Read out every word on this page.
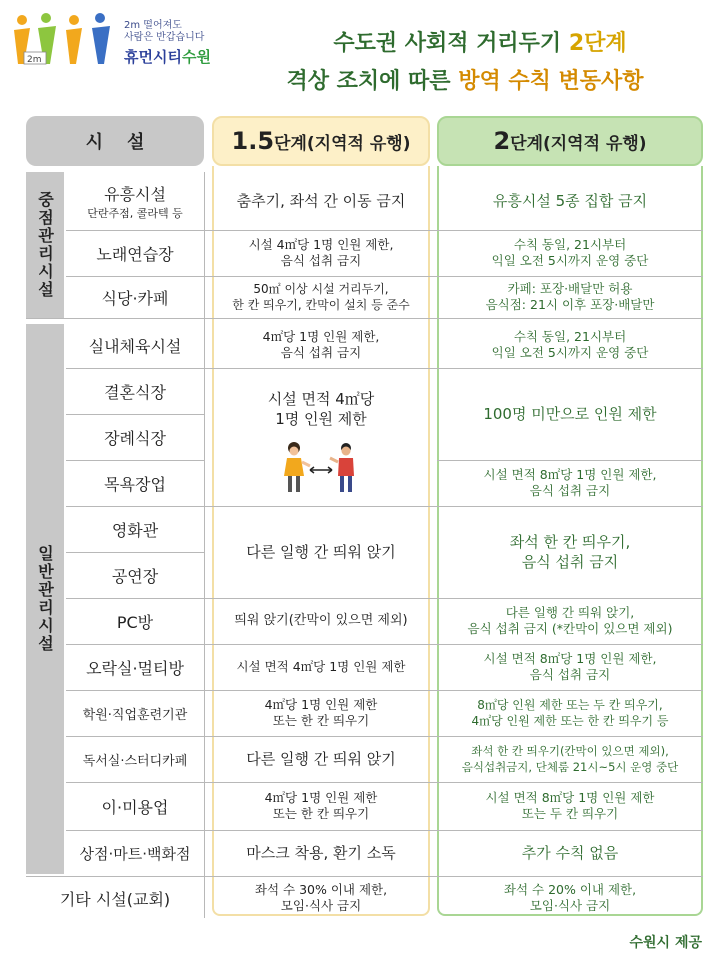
2m
2m 떨어져도
사람은 반갑습니다
휴먼시티수원
수도권 사회적 거리두기 2단계
격상 조치에 따른 방역 수칙 변동사항
시설	1.5 단계(지역적 유행)	2 단계(지역적 유행)
중점관리시설
일반관리시설
유흥시설
단란주점, 콜라텍 등
노래연습장
식당·카페
실내체육시설
결혼식장
장례식장
목욕장업
영화관
공연장
PC방
오락실·멀티방
학원·직업훈련기관
독서실·스터디카페
이·미용업
상점·마트·백화점
기타 시설(교회)
춤추기, 좌석 간 이동 금지
시설 4㎡당 1명 인원 제한,
음식 섭취 금지
50㎡ 이상 시설 거리두기,
한 칸 띄우기, 칸막이 설치 등 준수
4㎡당 1명 인원 제한,
음식 섭취 금지
시설 면적 4㎡당
1명 인원 제한
다른 일행 간 띄워 앉기
띄워 앉기(칸막이 있으면 제외)
시설 면적 4㎡당 1명 인원 제한
4㎡당 1명 인원 제한
또는 한 칸 띄우기
다른 일행 간 띄워 앉기
4㎡당 1명 인원 제한
또는 한 칸 띄우기
마스크 착용, 환기 소독
좌석 수 30% 이내 제한,
모임·식사 금지
유흥시설 5종 집합 금지
수칙 동일, 21시부터
익일 오전 5시까지 운영 중단
카페: 포장·배달만 허용
음식점: 21시 이후 포장·배달만
수칙 동일, 21시부터
익일 오전 5시까지 운영 중단
100명 미만으로 인원 제한
시설 면적 8㎡당 1명 인원 제한,
음식 섭취 금지
좌석 한 칸 띄우기,
음식 섭취 금지
다른 일행 간 띄워 앉기,
음식 섭취 금지 (*칸막이 있으면 제외)
시설 면적 8㎡당 1명 인원 제한,
음식 섭취 금지
8㎡당 인원 제한 또는 두 칸 띄우기,
4㎡당 인원 제한 또는 한 칸 띄우기 등
좌석 한 칸 띄우기(칸막이 있으면 제외),
음식섭취금지, 단체룸 21시~5시 운영 중단
시설 면적 8㎡당 1명 인원 제한
또는 두 칸 띄우기
추가 수칙 없음
좌석 수 20% 이내 제한,
모임·식사 금지
수원시 제공
